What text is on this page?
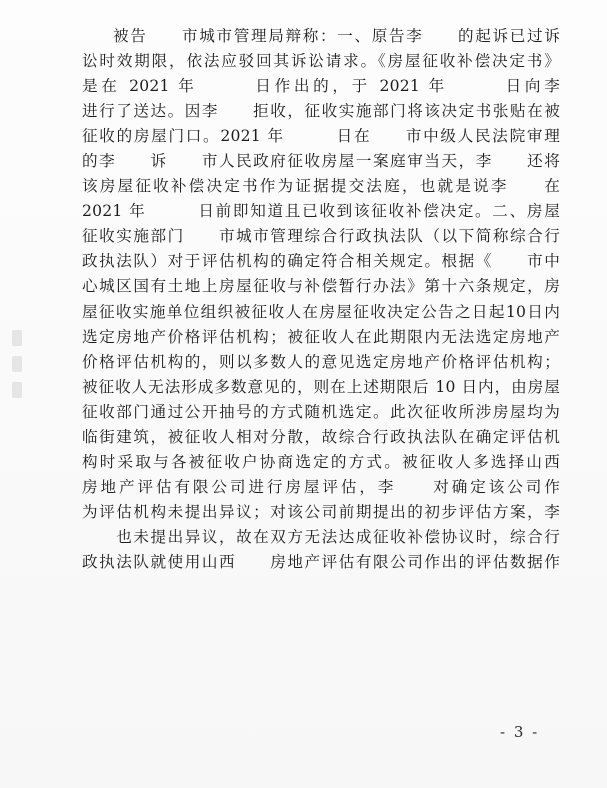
被告　　市城市管理局辩称：一、原告李　　的起诉已过诉
讼时效期限，依法应驳回其诉讼请求。《房屋征收补偿决定书》
是在 2021 年　　　日作出的，于 2021 年　　　日向李
进行了送达。因李　　拒收，征收实施部门将该决定书张贴在被
征收的房屋门口。2021 年　　　日在　　市中级人民法院审理
的李　　诉　　市人民政府征收房屋一案庭审当天，李　　还将
该房屋征收补偿决定书作为证据提交法庭，也就是说李　　在
2021 年　　　日前即知道且已收到该征收补偿决定。二、房屋
征收实施部门　　市城市管理综合行政执法队（以下简称综合行
政执法队）对于评估机构的确定符合相关规定。根据《　　市中
心城区国有土地上房屋征收与补偿暂行办法》第十六条规定，房
屋征收实施单位组织被征收人在房屋征收决定公告之日起10日内
选定房地产价格评估机构；被征收人在此期限内无法选定房地产
价格评估机构的，则以多数人的意见选定房地产价格评估机构；
被征收人无法形成多数意见的，则在上述期限后 10 日内，由房屋
征收部门通过公开抽号的方式随机选定。此次征收所涉房屋均为
临街建筑，被征收人相对分散，故综合行政执法队在确定评估机
构时采取与各被征收户协商选定的方式。被征收人多选择山西
房地产评估有限公司进行房屋评估，李　　对确定该公司作
为评估机构未提出异议；对该公司前期提出的初步评估方案，李
　　也未提出异议，故在双方无法达成征收补偿协议时，综合行
政执法队就使用山西　　房地产评估有限公司作出的评估数据作
- 3 -
